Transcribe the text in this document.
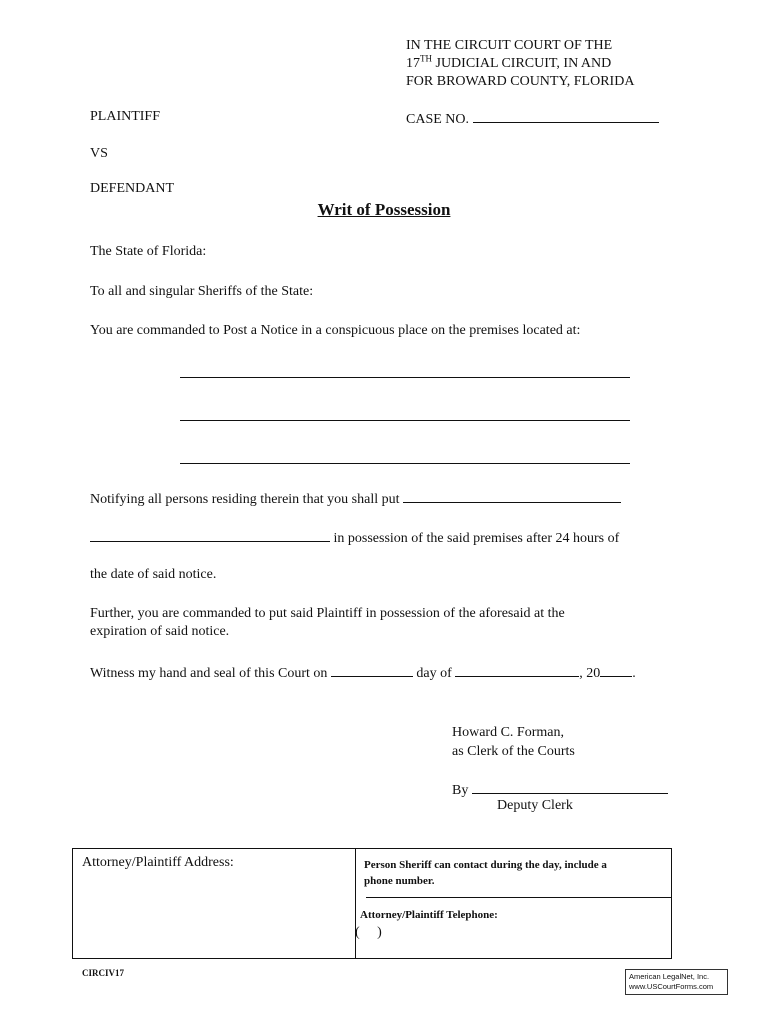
IN THE CIRCUIT COURT OF THE
17TH JUDICIAL CIRCUIT, IN AND
FOR BROWARD COUNTY, FLORIDA
PLAINTIFF	CASE NO.
VS
DEFENDANT
Writ of Possession
The State of Florida:
To all and singular Sheriffs of the State:
You are commanded to Post a Notice in a conspicuous place on the premises located at:
Notifying all persons residing therein that you shall put
in possession of the said premises after 24 hours of
the date of said notice.
Further, you are commanded to put said Plaintiff in possession of the aforesaid at the
expiration of said notice.
Witness my hand and seal of this Court on	day of	, 20 .
Howard C. Forman,
as Clerk of the Courts
By
Deputy Clerk
Attorney/Plaintiff Address:	Person Sheriff can contact during the day, include a
phone number.
Attorney/Plaintiff Telephone:
(     )
CIRCIV17	American LegalNet, Inc.
www.USCourtForms.com
